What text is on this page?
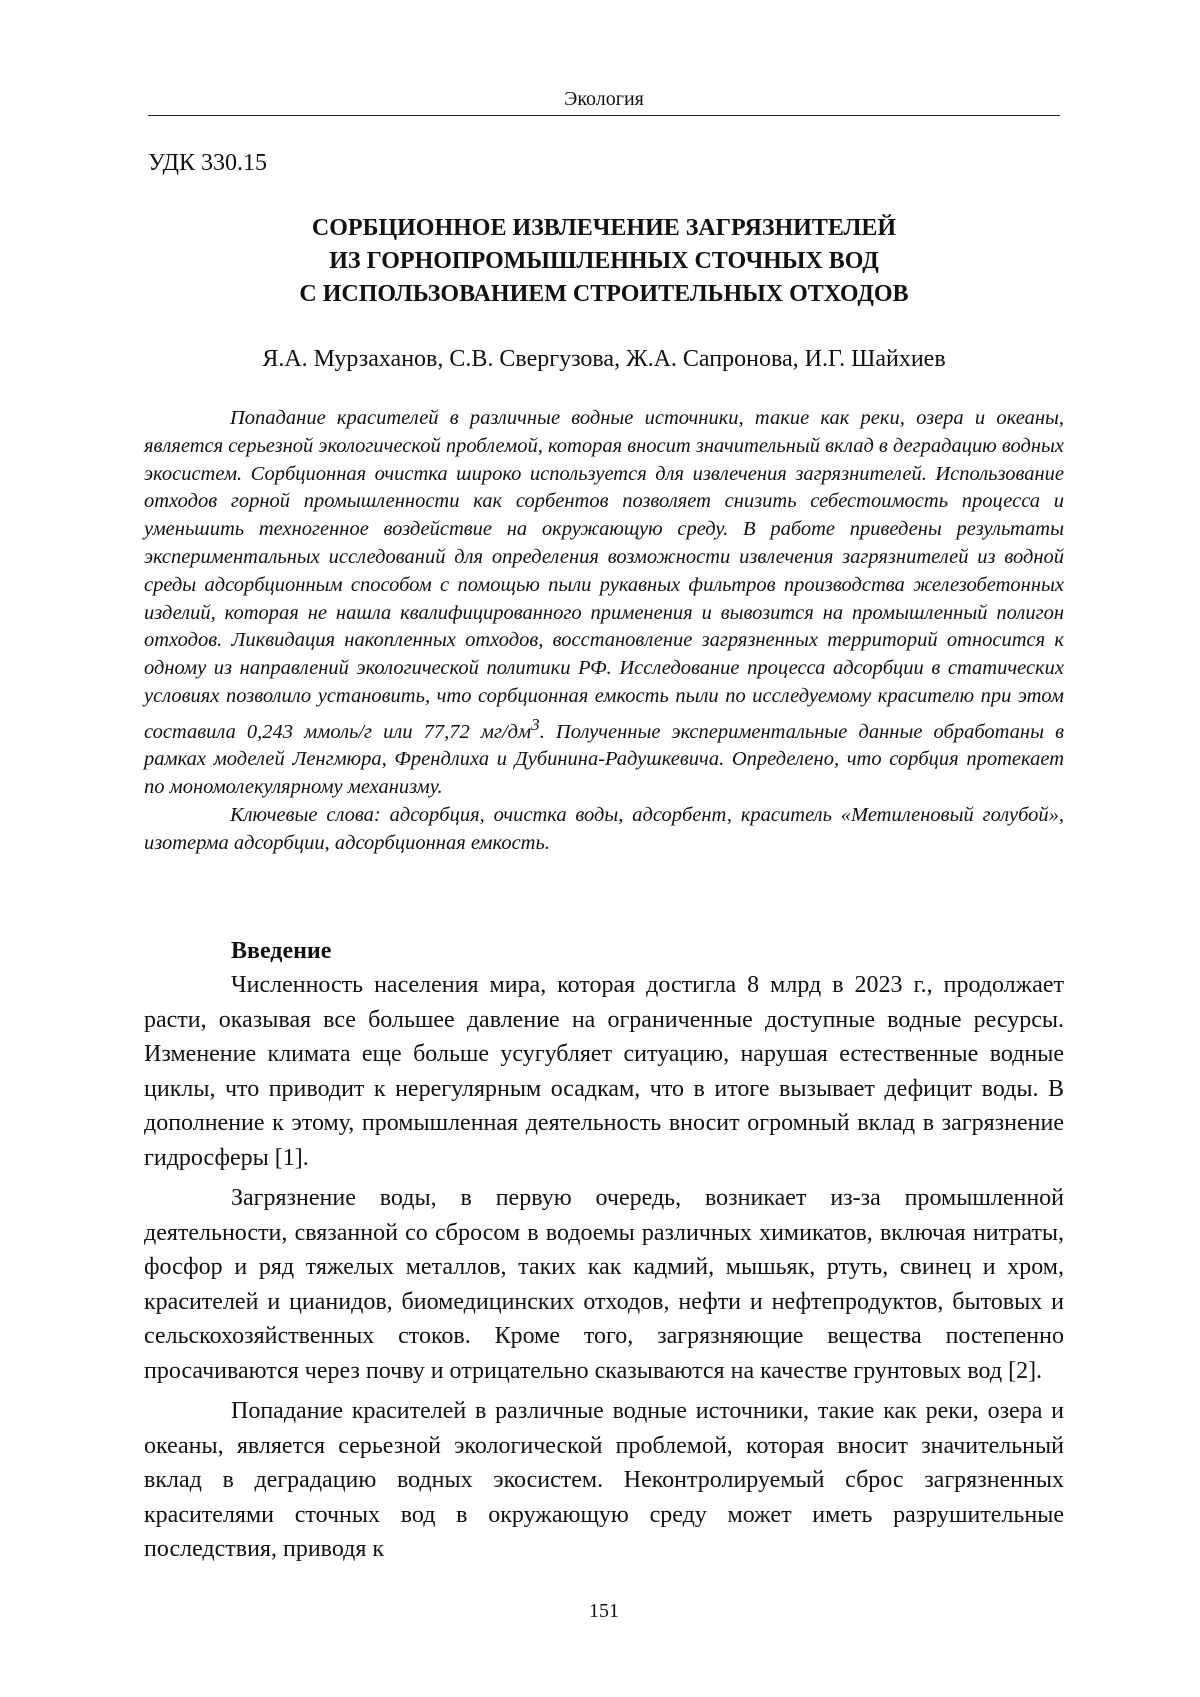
Экология
УДК 330.15
СОРБЦИОННОЕ ИЗВЛЕЧЕНИЕ ЗАГРЯЗНИТЕЛЕЙ
ИЗ ГОРНОПРОМЫШЛЕННЫХ СТОЧНЫХ ВОД
С ИСПОЛЬЗОВАНИЕМ СТРОИТЕЛЬНЫХ ОТХОДОВ
Я.А. Мурзаханов, С.В. Свергузова, Ж.А. Сапронова, И.Г. Шайхиев

Попадание красителей в различные водные источники, такие как реки, озера и океаны, является серьезной экологической проблемой, которая вносит значительный вклад в деградацию водных экосистем. Сорбционная очистка широко используется для извлечения загрязнителей. Использование отходов горной промышленности как сорбентов позволяет снизить себестоимость процесса и уменьшить техногенное воздействие на окружающую среду. В работе приведены результаты экспериментальных исследований для определения возможности извлечения загрязнителей из водной среды адсорбционным способом с помощью пыли рукавных фильтров производства железобетонных изделий, которая не нашла квалифицированного применения и вывозится на промышленный полигон отходов. Ликвидация накопленных отходов, восстановление загрязненных территорий относится к одному из направлений экологической политики РФ. Исследование процесса адсорбции в статических условиях позволило установить, что сорбционная емкость пыли по исследуемому красителю при этом составила 0,243 ммоль/г или 77,72 $мг/дм^3$. Полученные экспериментальные данные обработаны в рамках моделей Ленгмюра, Френдлиха и Дубинина-Радушкевича. Определено, что сорбция протекает по мономолекулярному механизму.

Ключевые слова: адсорбция, очистка воды, адсорбент, краситель «Метиленовый голубой», изотерма адсорбции, адсорбционная емкость.

Введение

Численность населения мира, которая достигла 8 млрд в 2023 г., продолжает расти, оказывая все большее давление на ограниченные доступные водные ресурсы. Изменение климата еще больше усугубляет ситуацию, нарушая естественные водные циклы, что приводит к нерегулярным осадкам, что в итоге вызывает дефицит воды. В дополнение к этому, промышленная деятельность вносит огромный вклад в загрязнение гидросферы [1].

Загрязнение воды, в первую очередь, возникает из-за промышленной деятельности, связанной со сбросом в водоемы различных химикатов, включая нитраты, фосфор и ряд тяжелых металлов, таких как кадмий, мышьяк, ртуть, свинец и хром, красителей и цианидов, биомедицинских отходов, нефти и нефтепродуктов, бытовых и сельскохозяйственных стоков. Кроме того, загрязняющие вещества постепенно просачиваются через почву и отрицательно сказываются на качестве грунтовых вод [2].

Попадание красителей в различные водные источники, такие как реки, озера и океаны, является серьезной экологической проблемой, которая вносит значительный вклад в деградацию водных экосистем. Неконтролируемый сброс загрязненных красителями сточных вод в окружающую среду может иметь разрушительные последствия, приводя к

151
